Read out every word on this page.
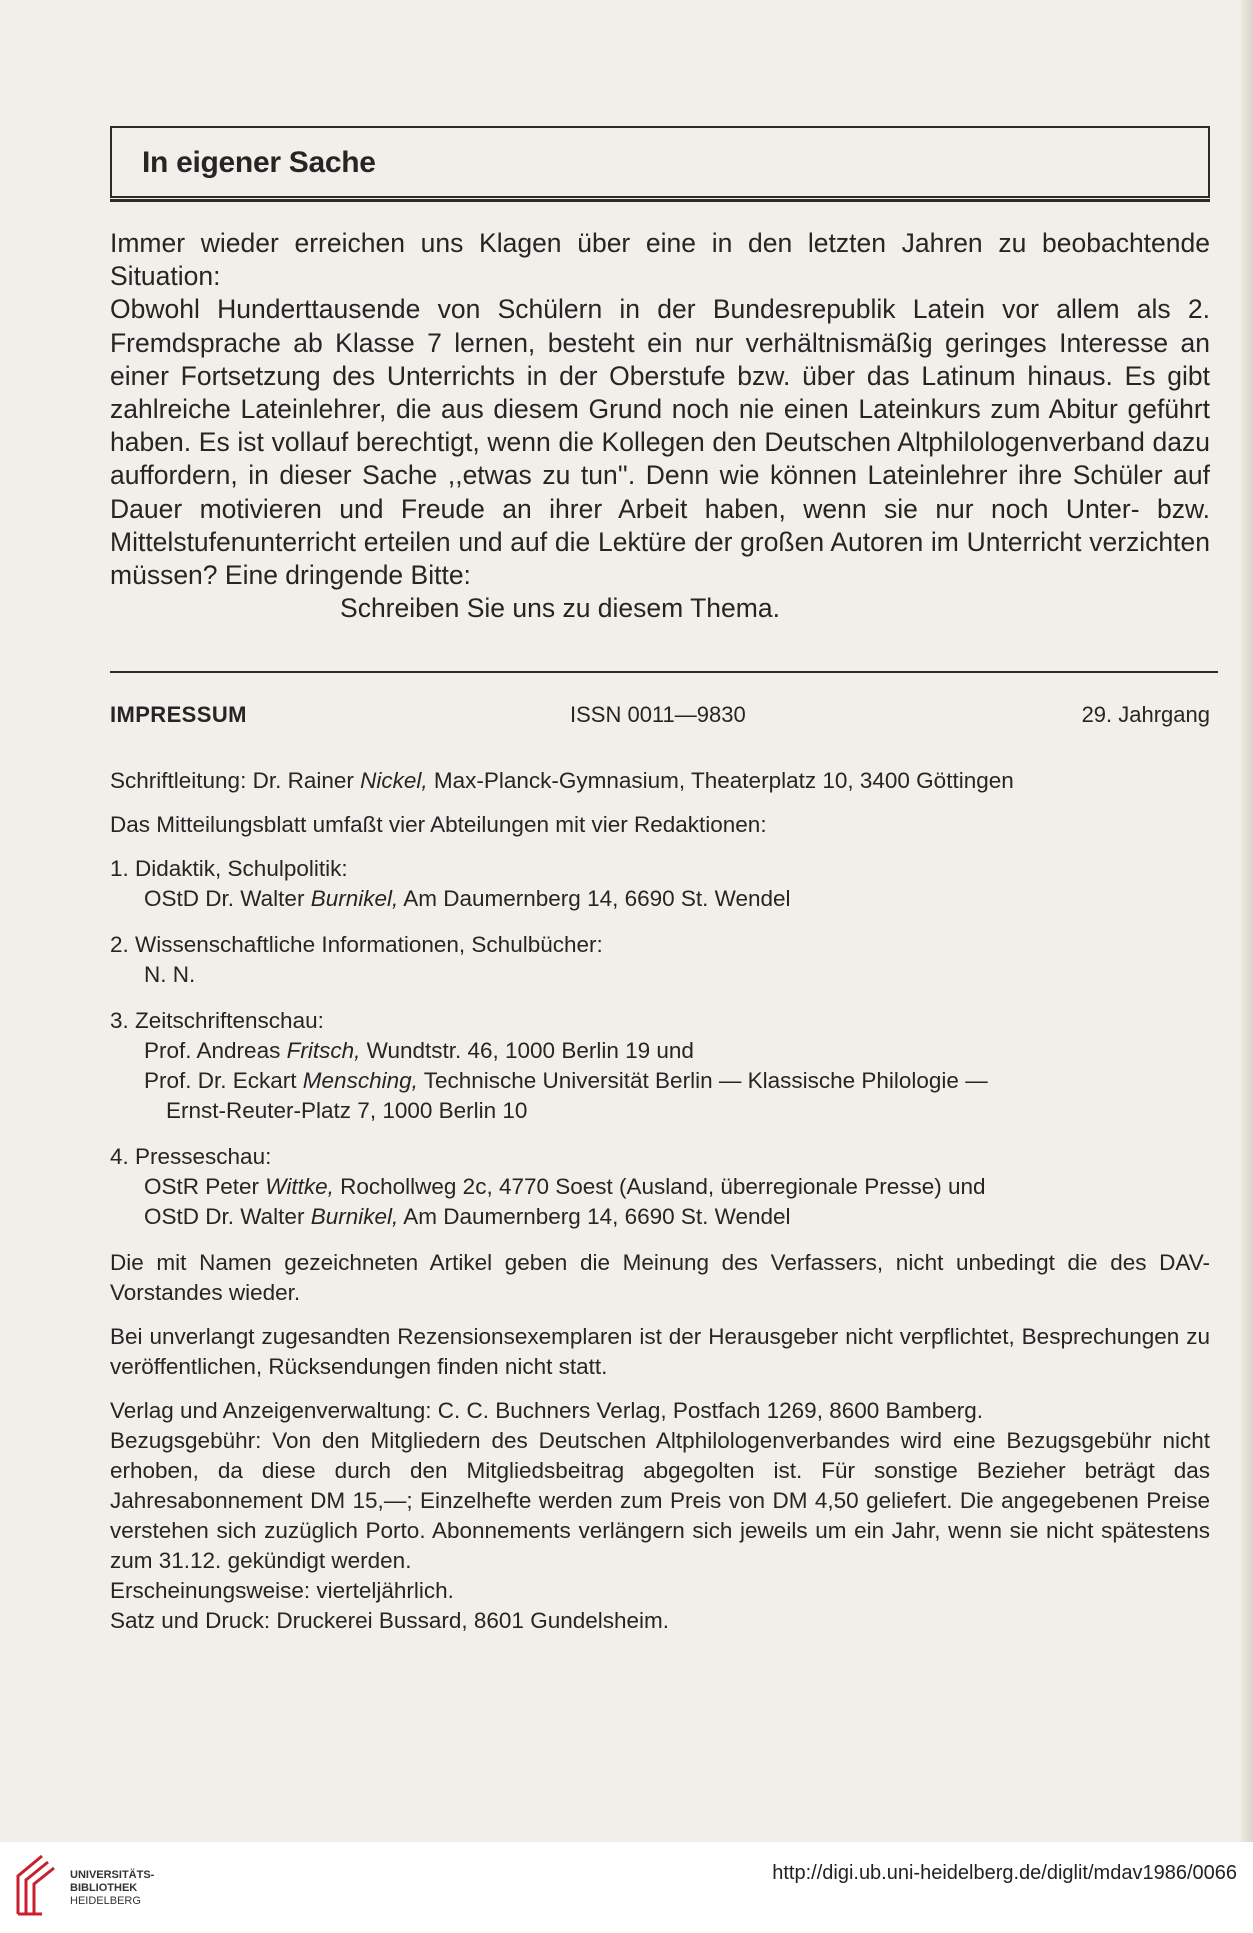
In eigener Sache

Immer wieder erreichen uns Klagen über eine in den letzten Jahren zu beobachtende Situation:

Obwohl Hunderttausende von Schülern in der Bundesrepublik Latein vor allem als 2. Fremdsprache ab Klasse 7 lernen, besteht ein nur verhältnismäßig geringes Interesse an einer Fortsetzung des Unterrichts in der Oberstufe bzw. über das Latinum hinaus. Es gibt zahlreiche Lateinlehrer, die aus diesem Grund noch nie einen Lateinkurs zum Abitur geführt haben. Es ist vollauf berechtigt, wenn die Kollegen den Deutschen Altphilologenverband dazu auffordern, in dieser Sache ,,etwas zu tun''. Denn wie können Lateinlehrer ihre Schüler auf Dauer motivieren und Freude an ihrer Arbeit haben, wenn sie nur noch Unter- bzw. Mittelstufenunterricht erteilen und auf die Lektüre der großen Autoren im Unterricht verzichten müssen? Eine dringende Bitte:

Schreiben Sie uns zu diesem Thema.

IMPRESSUM	ISSN 0011—9830	29. Jahrgang

Schriftleitung: Dr. Rainer Nickel, Max-Planck-Gymnasium, Theaterplatz 10, 3400 Göttingen

Das Mitteilungsblatt umfaßt vier Abteilungen mit vier Redaktionen:

1. Didaktik, Schulpolitik:

OStD Dr. Walter Burnikel, Am Daumernberg 14, 6690 St. Wendel

2. Wissenschaftliche Informationen, Schulbücher:

N. N.

3. Zeitschriftenschau:

Prof. Andreas Fritsch, Wundtstr. 46, 1000 Berlin 19 und

Prof. Dr. Eckart Mensching, Technische Universität Berlin — Klassische Philologie —

Ernst-Reuter-Platz 7, 1000 Berlin 10

4. Presseschau:

OStR Peter Wittke, Rochollweg 2c, 4770 Soest (Ausland, überregionale Presse) und

OStD Dr. Walter Burnikel, Am Daumernberg 14, 6690 St. Wendel

Die mit Namen gezeichneten Artikel geben die Meinung des Verfassers, nicht unbedingt die des DAV-Vorstandes wieder.

Bei unverlangt zugesandten Rezensionsexemplaren ist der Herausgeber nicht verpflichtet, Besprechungen zu veröffentlichen, Rücksendungen finden nicht statt.

Verlag und Anzeigenverwaltung: C. C. Buchners Verlag, Postfach 1269, 8600 Bamberg.

Bezugsgebühr: Von den Mitgliedern des Deutschen Altphilologenverbandes wird eine Bezugsgebühr nicht erhoben, da diese durch den Mitgliedsbeitrag abgegolten ist. Für sonstige Bezieher beträgt das Jahresabonnement DM 15,—; Einzelhefte werden zum Preis von DM 4,50 geliefert. Die angegebenen Preise verstehen sich zuzüglich Porto. Abonnements verlängern sich jeweils um ein Jahr, wenn sie nicht spätestens zum 31.12. gekündigt werden.

Erscheinungsweise: vierteljährlich.

Satz und Druck: Druckerei Bussard, 8601 Gundelsheim.

UNIVERSITÄTS-
BIBLIOTHEK
HEIDELBERG
http://digi.ub.uni-heidelberg.de/diglit/mdav1986/0066
